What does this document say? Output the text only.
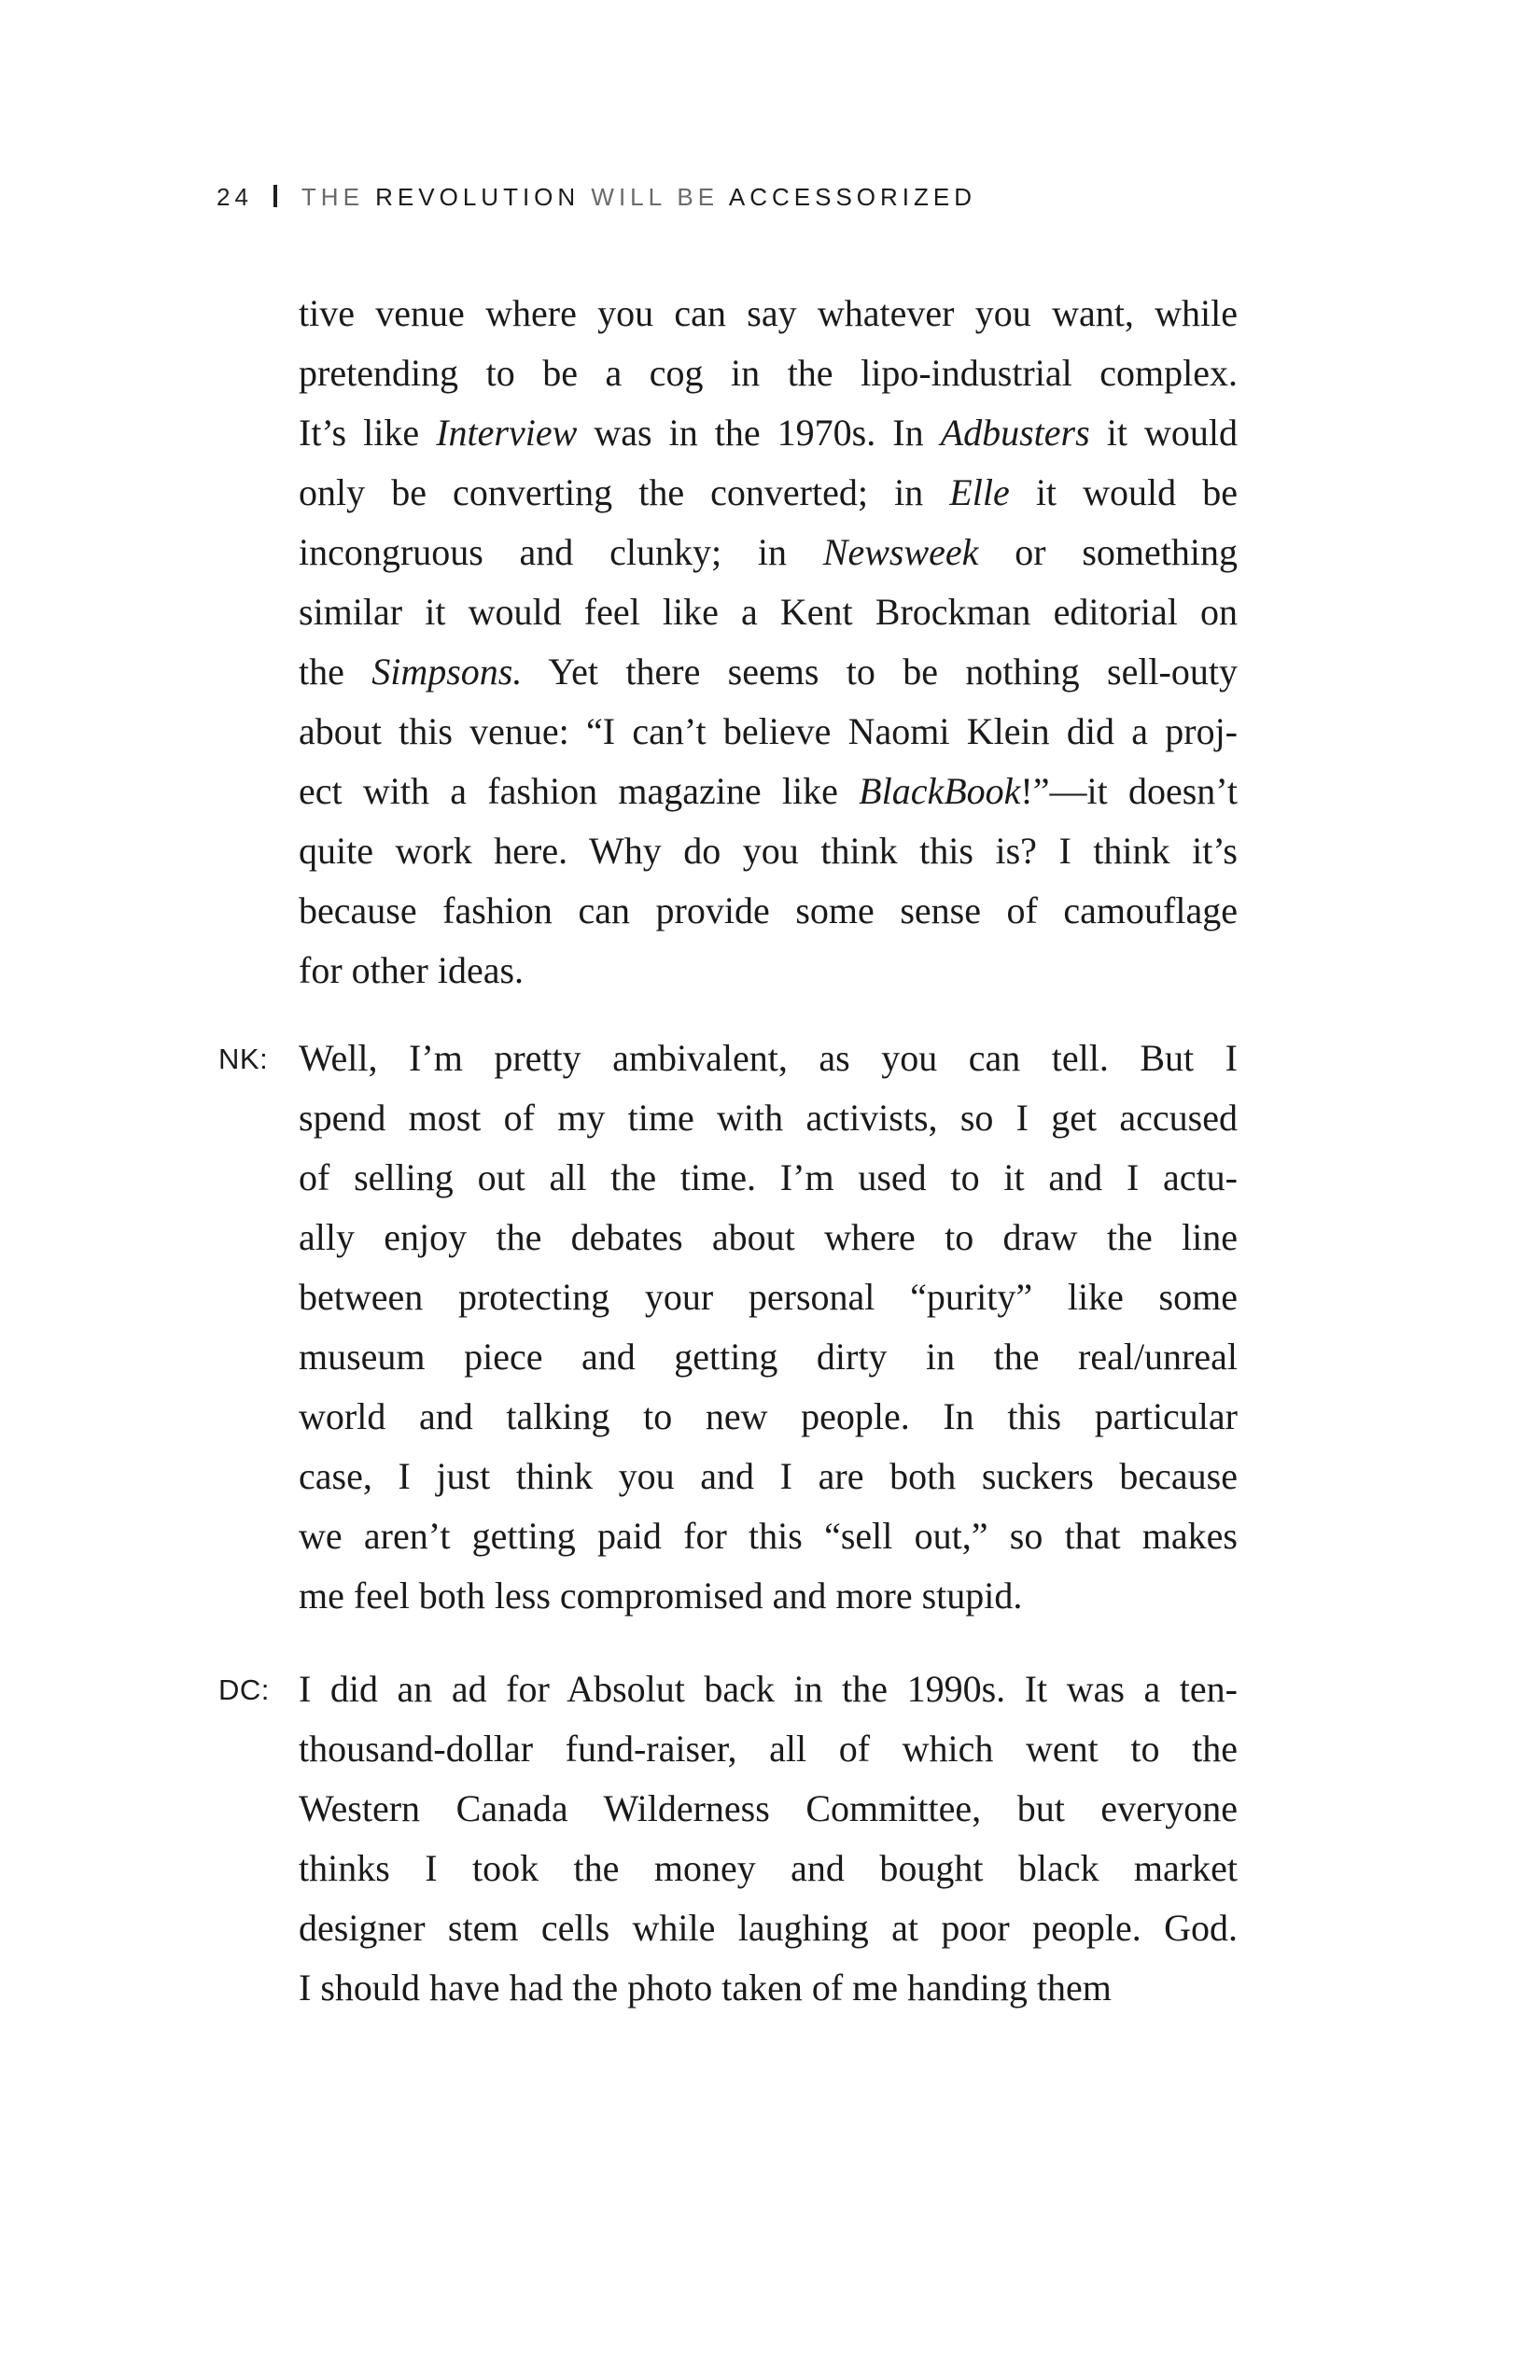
24 THE REVOLUTION WILL BE ACCESSORIZED
tive venue where you can say whatever you want, while
pretending to be a cog in the lipo-industrial complex.
It’s like Interview was in the 1970s. In Adbusters it would
only be converting the converted; in Elle it would be
incongruous and clunky; in Newsweek or something
similar it would feel like a Kent Brockman editorial on
the Simpsons. Yet there seems to be nothing sell-outy
about this venue: “I can’t believe Naomi Klein did a proj-
ect with a fashion magazine like BlackBook!”—it doesn’t
quite work here. Why do you think this is? I think it’s
because fashion can provide some sense of camouflage
for other ideas.
NK: Well, I’m pretty ambivalent, as you can tell. But I
spend most of my time with activists, so I get accused
of selling out all the time. I’m used to it and I actu-
ally enjoy the debates about where to draw the line
between protecting your personal “purity” like some
museum piece and getting dirty in the real/unreal
world and talking to new people. In this particular
case, I just think you and I are both suckers because
we aren’t getting paid for this “sell out,” so that makes
me feel both less compromised and more stupid.
DC: I did an ad for Absolut back in the 1990s. It was a ten-
thousand-dollar fund-raiser, all of which went to the
Western Canada Wilderness Committee, but everyone
thinks I took the money and bought black market
designer stem cells while laughing at poor people. God.
I should have had the photo taken of me handing them
